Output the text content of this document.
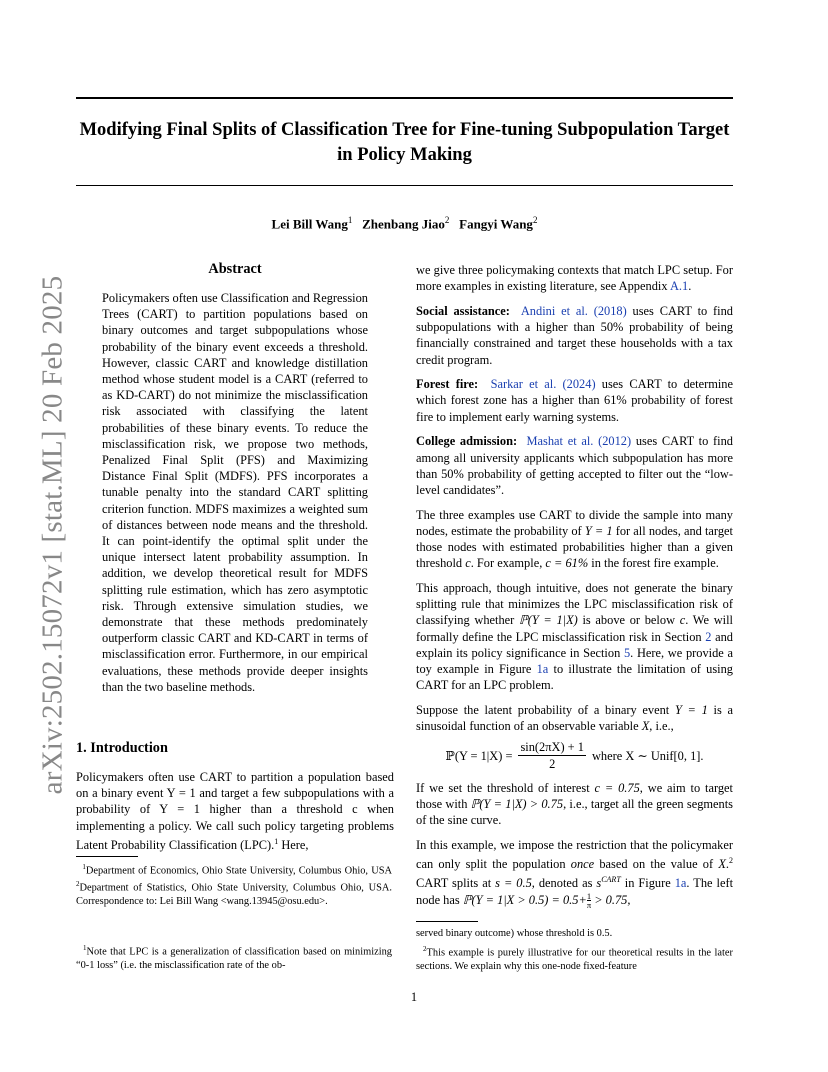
Modifying Final Splits of Classification Tree for Fine-tuning Subpopulation Target in Policy Making
Lei Bill Wang$^1$ Zhenbang Jiao$^2$ Fangyi Wang$^2$
arXiv:2502.15072v1 [stat.ML] 20 Feb 2025
Abstract
Policymakers often use Classification and Regression Trees (CART) to partition populations based on binary outcomes and target subpopulations whose probability of the binary event exceeds a threshold. However, classic CART and knowledge distillation method whose student model is a CART (referred to as KD-CART) do not minimize the misclassification risk associated with classifying the latent probabilities of these binary events. To reduce the misclassification risk, we propose two methods, Penalized Final Split (PFS) and Maximizing Distance Final Split (MDFS). PFS incorporates a tunable penalty into the standard CART splitting criterion function. MDFS maximizes a weighted sum of distances between node means and the threshold. It can point-identify the optimal split under the unique intersect latent probability assumption. In addition, we develop theoretical result for MDFS splitting rule estimation, which has zero asymptotic risk. Through extensive simulation studies, we demonstrate that these methods predominately outperform classic CART and KD-CART in terms of misclassification error. Furthermore, in our empirical evaluations, these methods provide deeper insights than the two baseline methods.
1. Introduction
Policymakers often use CART to partition a population based on a binary event Y = 1 and target a few subpopulations with a probability of Y = 1 higher than a threshold c when implementing a policy. We call such policy targeting problems Latent Probability Classification (LPC).$^1$ Here,
$^1$Department of Economics, Ohio State University, Columbus Ohio, USA $^2$Department of Statistics, Ohio State University, Columbus Ohio, USA. Correspondence to: Lei Bill Wang <wang.13945@osu.edu>.
$^1$Note that LPC is a generalization of classification based on minimizing “0-1 loss” (i.e. the misclassification rate of the ob-

we give three policymaking contexts that match LPC setup. For more examples in existing literature, see Appendix A.1.

Social assistance: Andini et al. (2018) uses CART to find subpopulations with a higher than 50% probability of being financially constrained and target these households with a tax credit program.

Forest fire: Sarkar et al. (2024) uses CART to determine which forest zone has a higher than 61% probability of forest fire to implement early warning systems.

College admission: Mashat et al. (2012) uses CART to find among all university applicants which subpopulation has more than 50% probability of getting accepted to filter out the “low-level candidates”.

The three examples use CART to divide the sample into many nodes, estimate the probability of Y = 1 for all nodes, and target those nodes with estimated probabilities higher than a given threshold c. For example, c = 61% in the forest fire example.

This approach, though intuitive, does not generate the binary splitting rule that minimizes the LPC misclassification risk of classifying whether ℙ(Y = 1|X) is above or below c. We will formally define the LPC misclassification risk in Section 2 and explain its policy significance in Section 5. Here, we provide a toy example in Figure 1a to illustrate the limitation of using CART for an LPC problem.

Suppose the latent probability of a binary event Y = 1 is a sinusoidal function of an observable variable X, i.e.,

ℙ(Y = $1|X) = \frac{\sin(2\pi X) + 1}{2}$ where X ∼ Unif[0, 1].

If we set the threshold of interest c = 0.75, we aim to target those with ℙ(Y = 1|X) > 0.75, i.e., target all the green segments of the sine curve.

In this example, we impose the restriction that the policymaker can only split the population once based on the value of X.$^2$ CART splits at s = 0.5, denoted as $s^{CART}$ in Figure 1a. The left node has ℙ(Y = $1|X > 0.5) = 0.5+ \frac{1}{\pi} > 0.75$,

served binary outcome) whose threshold is 0.5.
$^2$This example is purely illustrative for our theoretical results in the later sections. We explain why this one-node fixed-feature
1
